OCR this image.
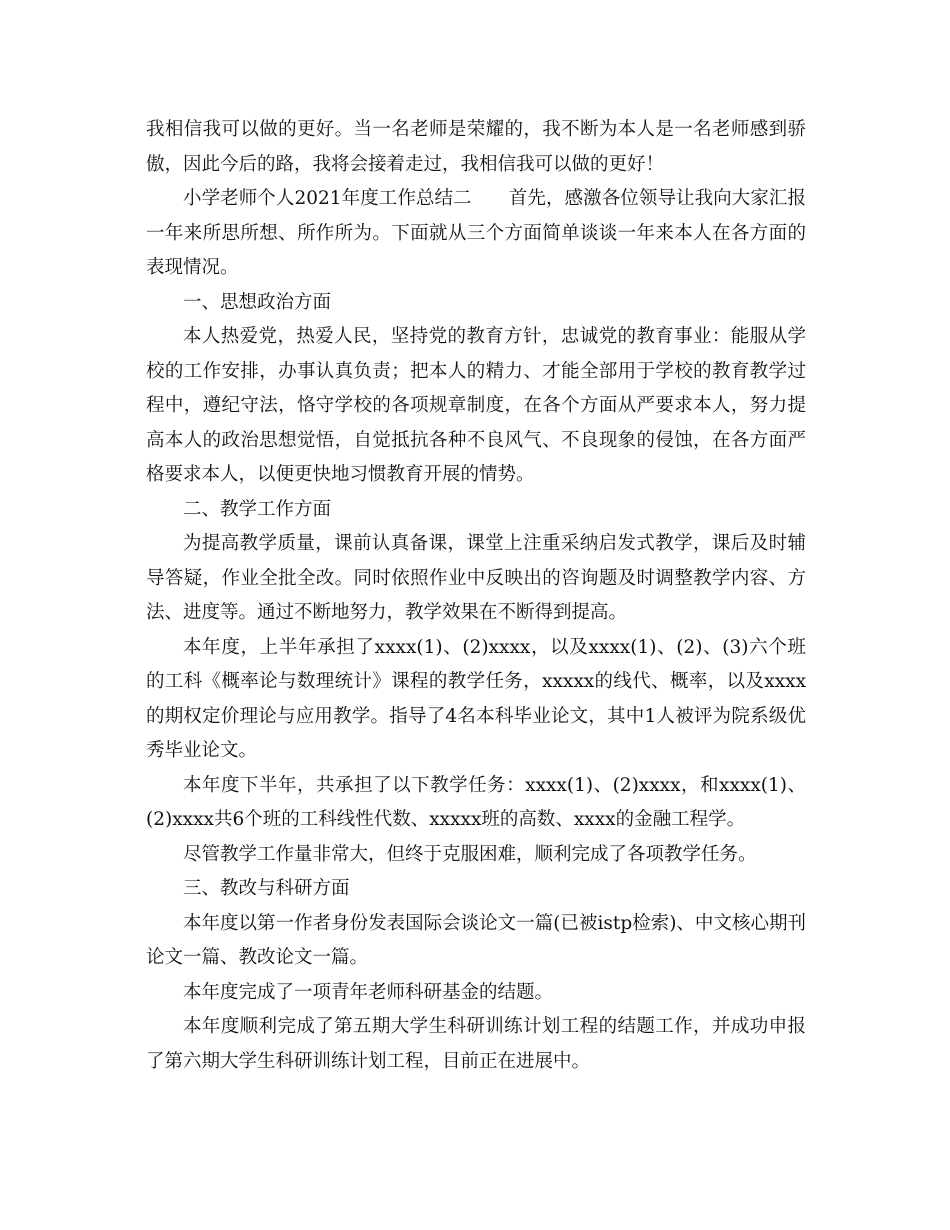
我相信我可以做的更好。当一名老师是荣耀的，我不断为本人是一名老师感到骄傲，因此今后的路，我将会接着走过，我相信我可以做的更好！

小学老师个人2021年度工作总结二　　首先，感激各位领导让我向大家汇报一年来所思所想、所作所为。下面就从三个方面简单谈谈一年来本人在各方面的表现情况。

一、思想政治方面

本人热爱党，热爱人民，坚持党的教育方针，忠诚党的教育事业：能服从学校的工作安排，办事认真负责；把本人的精力、才能全部用于学校的教育教学过程中，遵纪守法，恪守学校的各项规章制度，在各个方面从严要求本人，努力提高本人的政治思想觉悟，自觉抵抗各种不良风气、不良现象的侵蚀，在各方面严格要求本人，以便更快地习惯教育开展的情势。

二、教学工作方面

为提高教学质量，课前认真备课，课堂上注重采纳启发式教学，课后及时辅导答疑，作业全批全改。同时依照作业中反映出的咨询题及时调整教学内容、方法、进度等。通过不断地努力，教学效果在不断得到提高。

本年度，上半年承担了xxxx(1)、(2)xxxx，以及xxxx(1)、(2)、(3)六个班的工科《概率论与数理统计》课程的教学任务，xxxxx的线代、概率，以及xxxx的期权定价理论与应用教学。指导了4名本科毕业论文，其中1人被评为院系级优秀毕业论文。

本年度下半年，共承担了以下教学任务：xxxx(1)、(2)xxxx，和xxxx(1)、(2)xxxx共6个班的工科线性代数、xxxxx班的高数、xxxx的金融工程学。

尽管教学工作量非常大，但终于克服困难，顺利完成了各项教学任务。

三、教改与科研方面

本年度以第一作者身份发表国际会谈论文一篇(已被istp检索)、中文核心期刊论文一篇、教改论文一篇。

本年度完成了一项青年老师科研基金的结题。

本年度顺利完成了第五期大学生科研训练计划工程的结题工作，并成功申报了第六期大学生科研训练计划工程，目前正在进展中。
